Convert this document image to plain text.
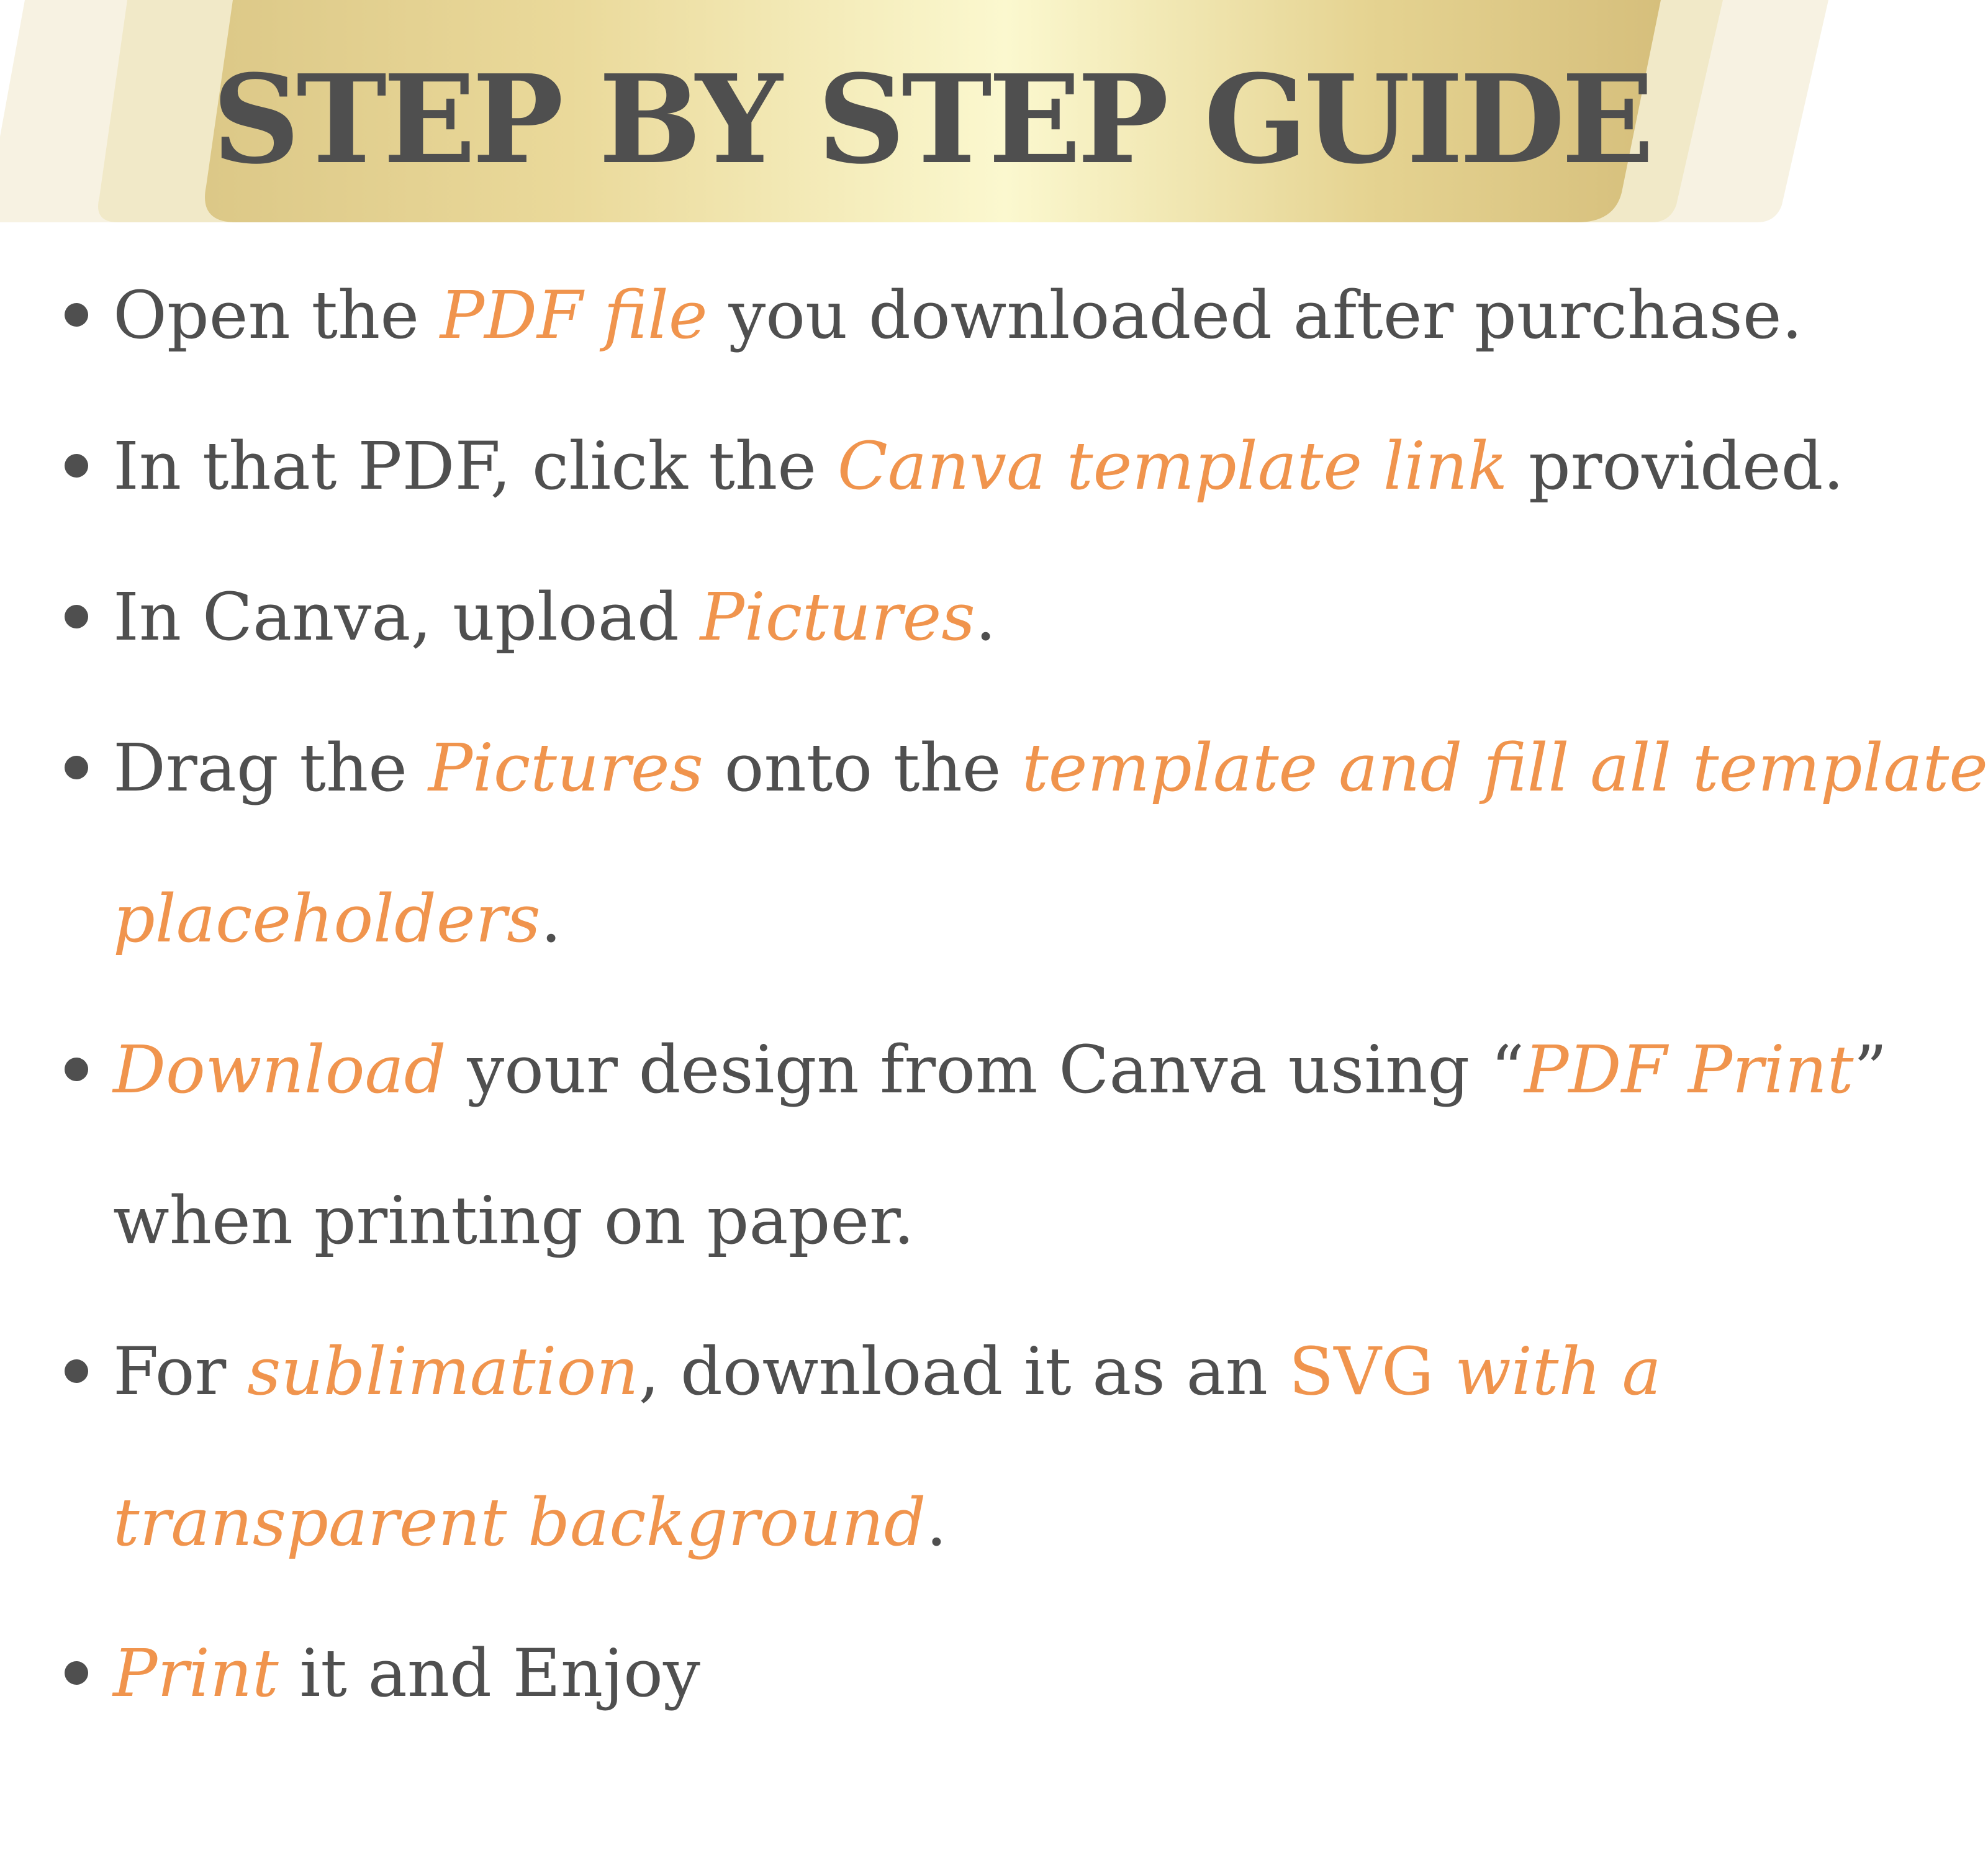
STEP BY STEP GUIDE
Open the PDF file you downloaded after purchase.
In that PDF, click the Canva template link provided.
In Canva, upload Pictures.
Drag the Pictures onto the template and fill all template
placeholders.
Download your design from Canva using “PDF Print”
when printing on paper.
For sublimation, download it as an SVG with a
transparent background.
Print it and Enjoy
